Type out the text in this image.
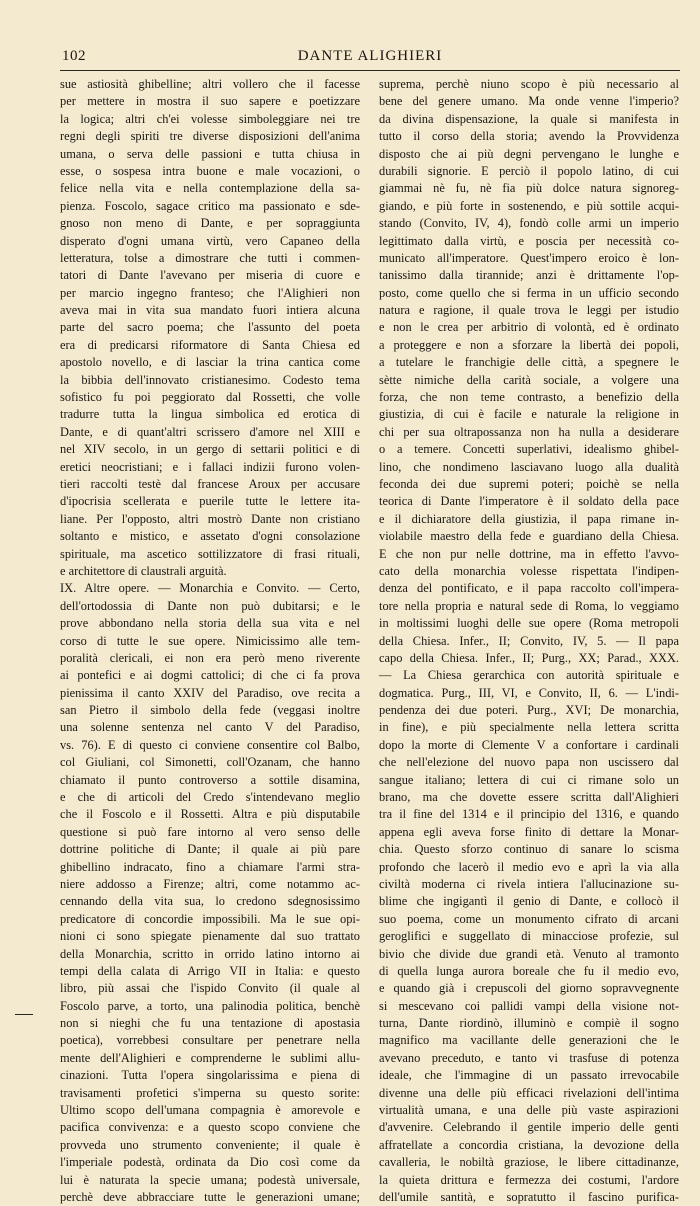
102	DANTE ALIGHIERI
sue astiosità ghibelline; altri vollero che il facesse
per mettere in mostra il suo sapere e poetizzare
la logica; altri ch'ei volesse simboleggiare nei tre
regni degli spiriti tre diverse disposizioni dell'anima
umana, o serva delle passioni e tutta chiusa in
esse, o sospesa intra buone e male vocazioni, o
felice nella vita e nella contemplazione della sa-
pienza. Foscolo, sagace critico ma passionato e sde-
gnoso non meno di Dante, e per sopraggiunta
disperato d'ogni umana virtù, vero Capaneo della
letteratura, tolse a dimostrare che tutti i commen-
tatori di Dante l'avevano per miseria di cuore e
per marcio ingegno franteso; che l'Alighieri non
aveva mai in vita sua mandato fuori intiera alcuna
parte del sacro poema; che l'assunto del poeta
era di predicarsi riformatore di Santa Chiesa ed
apostolo novello, e di lasciar la trina cantica come
la bibbia dell'innovato cristianesimo. Codesto tema
sofistico fu poi peggiorato dal Rossetti, che volle
tradurre tutta la lingua simbolica ed erotica di
Dante, e di quant'altri scrissero d'amore nel XIII e
nel XIV secolo, in un gergo di settarii politici e di
eretici neocristiani; e i fallaci indizii furono volen-
tieri raccolti testè dal francese Aroux per accusare
d'ipocrisia scellerata e puerile tutte le lettere ita-
liane. Per l'opposto, altri mostrò Dante non cristiano
soltanto e mistico, e assetato d'ogni consolazione
spirituale, ma ascetico sottilizzatore di frasi rituali,
e architettore di claustrali arguità.
IX. Altre opere. — Monarchia e Convito. — Certo,
dell'ortodossia di Dante non può dubitarsi; e le
prove abbondano nella storia della sua vita e nel
corso di tutte le sue opere. Nimicissimo alle tem-
poralità clericali, ei non era però meno riverente
ai pontefici e ai dogmi cattolici; di che ci fa prova
pienissima il canto XXIV del Paradiso, ove recita a
san Pietro il simbolo della fede (veggasi inoltre
una solenne sentenza nel canto V del Paradiso,
vs. 76). E di questo ci conviene consentire col Balbo,
col Giuliani, col Simonetti, coll'Ozanam, che hanno
chiamato il punto controverso a sottile disamina,
e che di articoli del Credo s'intendevano meglio
che il Foscolo e il Rossetti. Altra e più disputabile
questione si può fare intorno al vero senso delle
dottrine politiche di Dante; il quale ai più pare
ghibellino indracato, fino a chiamare l'armi stra-
niere addosso a Firenze; altri, come notammo ac-
cennando della vita sua, lo credono sdegnosissimo
predicatore di concordie impossibili. Ma le sue opi-
nioni ci sono spiegate pienamente dal suo trattato
della Monarchia, scritto in orrido latino intorno ai
tempi della calata di Arrigo VII in Italia: e questo
libro, più assai che l'ispido Convito (il quale al
Foscolo parve, a torto, una palinodia politica, benchè
non si nieghi che fu una tentazione di apostasia
poetica), vorrebbesi consultare per penetrare nella
mente dell'Alighieri e comprenderne le sublimi allu-
cinazioni. Tutta l'opera singolarissima e piena di
travisamenti profetici s'imperna su questo sorite:
Ultimo scopo dell'umana compagnia è amorevole e
pacifica convivenza: e a questo scopo conviene che
provveda uno strumento conveniente; il quale è
l'imperiale podestà, ordinata da Dio così come da
lui è naturata la specie umana; podestà universale,
perchè deve abbracciare tutte le generazioni umane;
suprema, perchè niuno scopo è più necessario al
bene del genere umano. Ma onde venne l'imperio?
da divina dispensazione, la quale si manifesta in
tutto il corso della storia; avendo la Provvidenza
disposto che ai più degni pervengano le lunghe e
durabili signorie. E perciò il popolo latino, di cui
giammai nè fu, nè fia più dolce natura signoreg-
giando, e più forte in sostenendo, e più sottile acqui-
stando (Convito, IV, 4), fondò colle armi un imperio
legittimato dalla virtù, e poscia per necessità co-
municato all'imperatore. Quest'impero eroico è lon-
tanissimo dalla tirannide; anzi è drittamente l'op-
posto, come quello che si ferma in un ufficio secondo
natura e ragione, il quale trova le leggi per istudio
e non le crea per arbitrio di volontà, ed è ordinato
a proteggere e non a sforzare la libertà dei popoli,
a tutelare le franchigie delle città, a spegnere le
sètte nimiche della carità sociale, a volgere una
forza, che non teme contrasto, a benefizio della
giustizia, di cui è facile e naturale la religione in
chi per sua oltrapossanza non ha nulla a desiderare
o a temere. Concetti superlativi, idealismo ghibel-
lino, che nondimeno lasciavano luogo alla dualità
feconda dei due supremi poteri; poichè se nella
teorica di Dante l'imperatore è il soldato della pace
e il dichiaratore della giustizia, il papa rimane in-
violabile maestro della fede e guardiano della Chiesa.
E che non pur nelle dottrine, ma in effetto l'avvo-
cato della monarchia volesse rispettata l'indipen-
denza del pontificato, e il papa raccolto coll'impera-
tore nella propria e natural sede di Roma, lo veggiamo
in moltissimi luoghi delle sue opere (Roma metropoli
della Chiesa. Infer., II; Convito, IV, 5. — Il papa
capo della Chiesa. Infer., II; Purg., XX; Parad., XXX.
— La Chiesa gerarchica con autorità spirituale e
dogmatica. Purg., III, VI, e Convito, II, 6. — L'indi-
pendenza dei due poteri. Purg., XVI; De monarchia,
in fine), e più specialmente nella lettera scritta
dopo la morte di Clemente V a confortare i cardinali
che nell'elezione del nuovo papa non uscissero dal
sangue italiano; lettera di cui ci rimane solo un
brano, ma che dovette essere scritta dall'Alighieri
tra il fine del 1314 e il principio del 1316, e quando
appena egli aveva forse finito di dettare la Monar-
chia. Questo sforzo continuo di sanare lo scisma
profondo che lacerò il medio evo e aprì la via alla
civiltà moderna ci rivela intiera l'allucinazione su-
blime che ingigantì il genio di Dante, e collocò il
suo poema, come un monumento cifrato di arcani
geroglifici e suggellato di minacciose profezie, sul
bivio che divide due grandi età. Venuto al tramonto
di quella lunga aurora boreale che fu il medio evo,
e quando già i crepuscoli del giorno sopravvegnente
si mescevano coi pallidi vampi della visione not-
turna, Dante riordinò, illuminò e compiè il sogno
magnifico ma vacillante delle generazioni che le
avevano preceduto, e tanto vi trasfuse di potenza
ideale, che l'immagine di un passato irrevocabile
divenne una delle più efficaci rivelazioni dell'intima
virtualità umana, e una delle più vaste aspirazioni
d'avvenire. Celebrando il gentile imperio delle genti
affratellate a concordia cristiana, la devozione della
cavalleria, le nobiltà graziose, le libere cittadinanze,
la quieta drittura e fermezza dei costumi, l'ardore
dell'umile santità, e sopratutto il fascino purifica-
